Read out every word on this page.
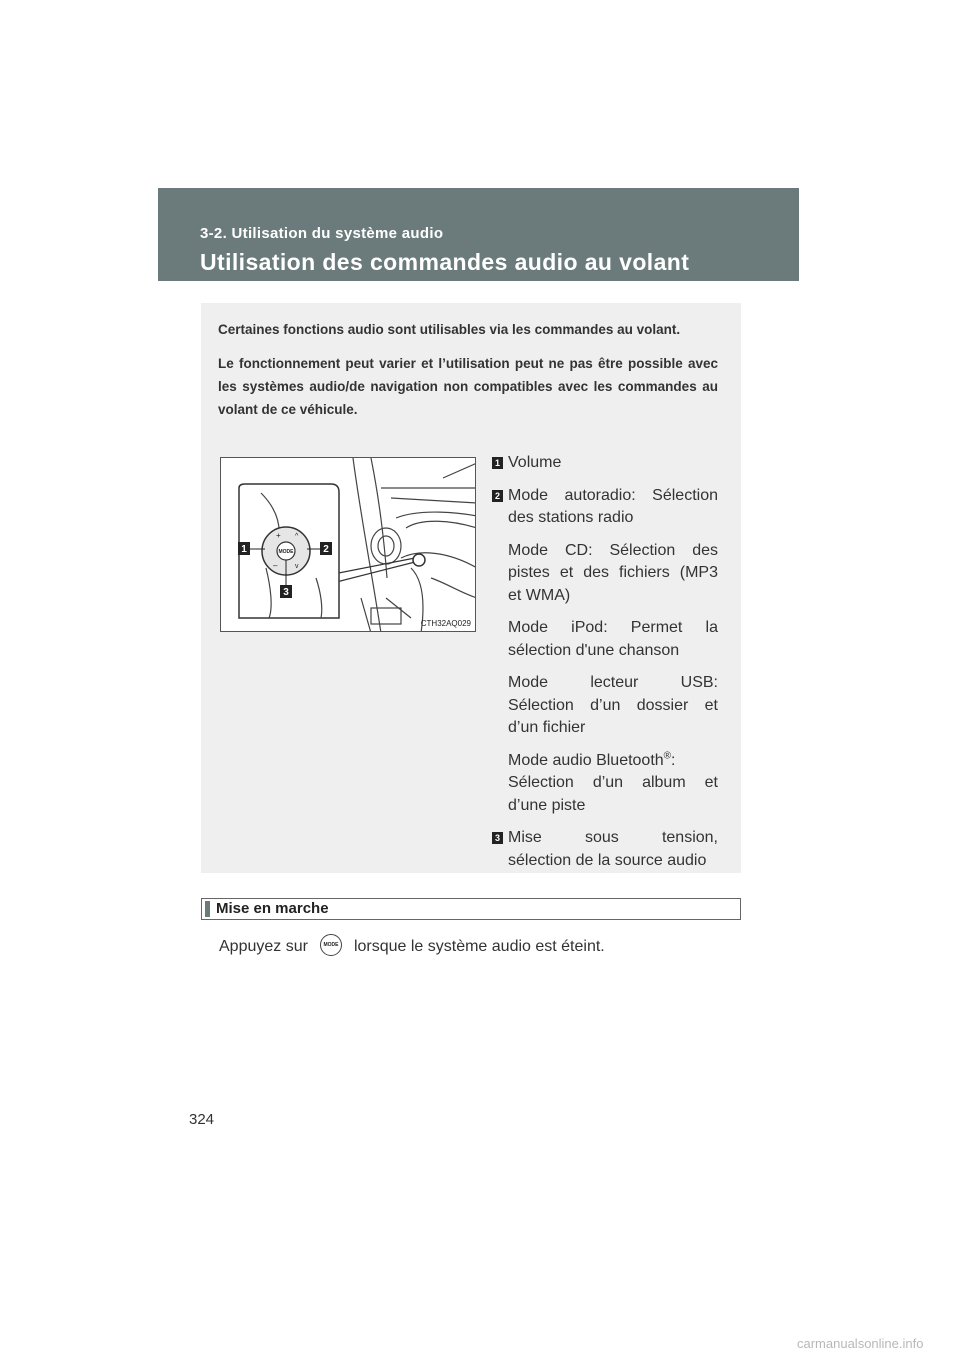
3-2. Utilisation du système audio
Utilisation des commandes audio au volant

Certaines fonctions audio sont utilisables via les commandes au volant.

Le fonctionnement peut varier et l’utilisation peut ne pas être possible avec les systèmes audio/de navigation non compatibles avec les commandes au volant de ce véhicule.

MODE
+
–
^
v
1	2
3
CTH32AQ029
1 Volume
2 Mode autoradio: Sélection
des stations radio
Mode CD: Sélection des
pistes et des fichiers (MP3
et WMA)
Mode iPod: Permet la
sélection d'une chanson
Mode lecteur USB:
Sélection d’un dossier et
d’un fichier
Mode audio Bluetooth®:
Sélection d’un album et
d’une piste
3 Mise sous tension,
sélection de la source audio
Mise en marche
Appuyez sur	MODE lorsque le système audio est éteint.
324
carmanualsonline.info
